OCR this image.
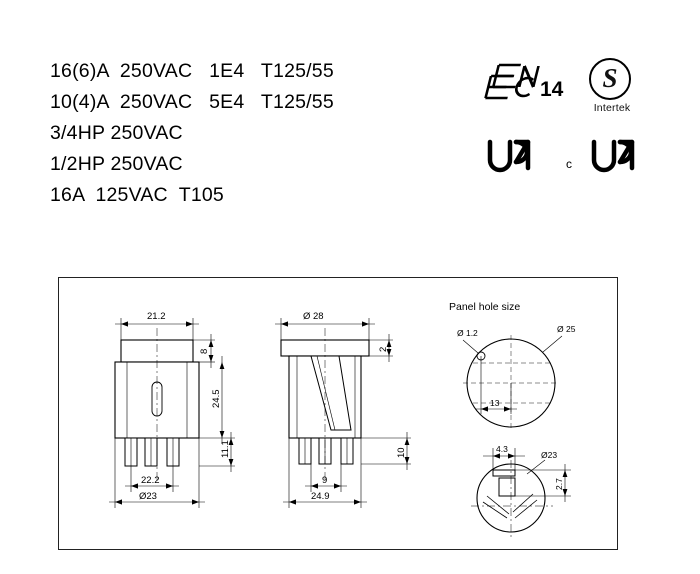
16(6)A  250VAC   1E4   T125/55
10(4)A  250VAC   5E4   T125/55
3/4HP 250VAC
1/2HP 250VAC
16A  125VAC  T105
14	S
Intertek
c
21.2
8
24.5
11.1
22.2
Ø23
Ø 28
2
10
9
24.9
Panel hole size
Ø 1.2	Ø 25
13
4.3
Ø23
2.7
